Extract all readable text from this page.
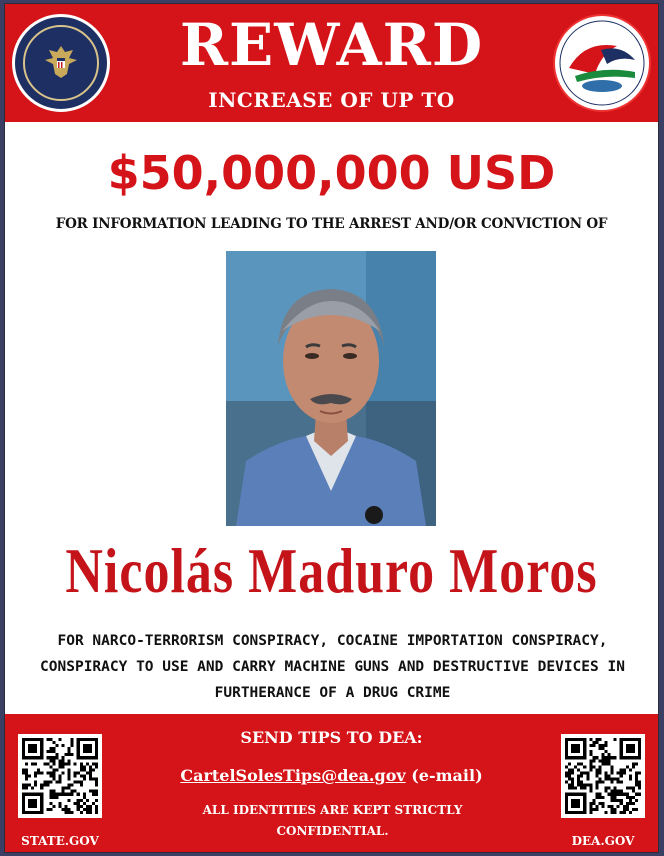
REWARD
INCREASE OF UP TO
$50,000,000 USD
FOR INFORMATION LEADING TO THE ARREST AND/OR CONVICTION OF
Nicolás Maduro Moros
FOR NARCO-TERRORISM CONSPIRACY, COCAINE IMPORTATION CONSPIRACY, CONSPIRACY TO USE AND CARRY MACHINE GUNS AND DESTRUCTIVE DEVICES IN FURTHERANCE OF A DRUG CRIME
STATE.GOV
SEND TIPS TO DEA:
CartelSolesTips@dea.gov (e-mail)
ALL IDENTITIES ARE KEPT STRICTLY CONFIDENTIAL.
DEA.GOV
